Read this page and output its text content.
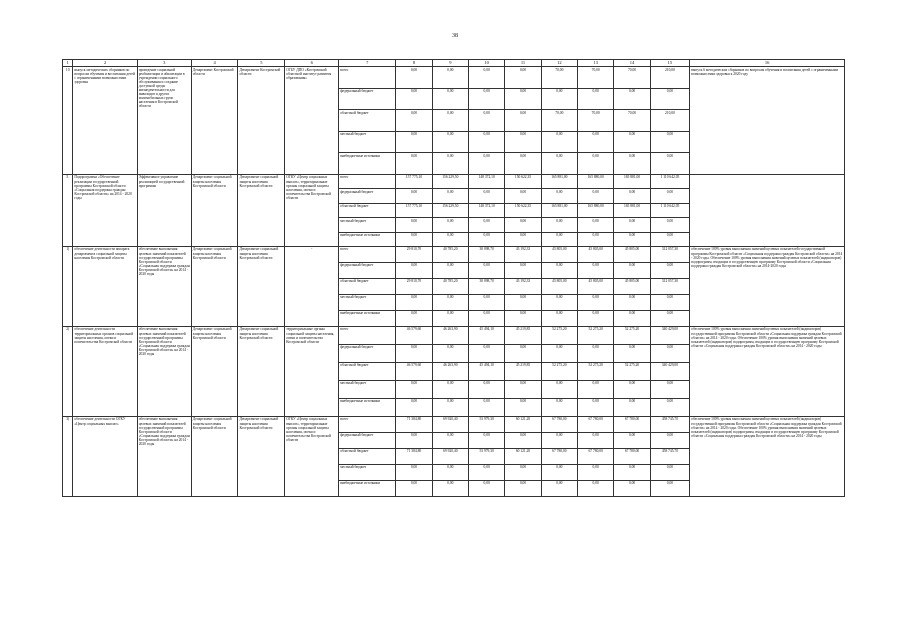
38
1	2	3	4	5	6	7	8	9	10	11	12	13	14	15	16
10	выпуск методических сборников по вопросам обучения и воспитания детей с ограниченными возможностями здоровья	проведение социальной реабилитации и абилитации в учреждении социального обслуживания и создание доступной среды жизнедеятельности для инвалидов и других маломобильных групп населения в Костромской области	Департамент Костромской области	Департамент Костромской области	ОГБУ ДПО «Костромской областной институт развития образования»	всего	0,00	0,00	0,00	0,00	70,00	70,00	70,00	210,00	выпуск 6 методических сборников по вопросам обучения и воспитания детей с ограниченными возможностями здоровья к 2020 году
						федеральный бюджет	0,00	0,00	0,00	0,00	0,00	0,00	0,00	0,00	
						областной бюджет	0,00	0,00	0,00	0,00	70,00	70,00	70,00	210,00	
						местный бюджет	0,00	0,00	0,00	0,00	0,00	0,00	0,00	0,00	
						внебюджетные источники	0,00	0,00	0,00	0,00	0,00	0,00	0,00	0,00	
5.	Подпрограмма «Обеспечение реализации государственной программы Костромской области «Социальная поддержка граждан Костромской области» на 2014 - 2020 годы	Эффективное управление реализацией государственной программы	Департамент социальной защиты населения Костромской области	Департамент социальной защиты населения Костромской области	ОГКУ «Центр социальных выплат», территориальные органы социальной защиты населения, опеки и попечительства Костромской области	всего	157 775,10	156 229,50	148 372,10	150 622,35	165 881,00	165 880,00	165 881,00	1 110 642,05	
						федеральный бюджет	0,00	0,00	0,00	0,00	0,00	0,00	0,00	0,00	
						областной бюджет	157 775,10	156 229,50	148 372,10	150 622,35	165 881,00	165 880,00	165 881,00	1 110 642,05	
						местный бюджет	0,00	0,00	0,00	0,00	0,00	0,00	0,00	0,00	
						внебюджетные источники	0,00	0,00	0,00	0,00	0,00	0,00	0,00	0,00	
1)	обеспечение деятельности аппарата департамента социальной защиты населения Костромской области	обеспечение выполнения целевых значений показателей государственной программы Костромской области «Социальная поддержка граждан Костромской области» на 2014 - 2020 годы	Департамент социальной защиты населения Костромской области	Департамент социальной защиты населения Костромской области	-	всего	29 810,70	40 785,20	30 098,70	43 192,33	45 805,00	45 805,00	45 805,00	312 057,30	обеспечение 100% уровня выполнения значений целевых показателей государственной программы Костромской области «Социальная поддержка граждан Костромской области» на 2014 - 2020 годы. Обеспечение 100% уровня выполнения значений целевых показателей (индикаторов) подпрограмм, входящих в государственную программу Костромской области «Социальная поддержка граждан Костромской области» на 2014-2020 годы
						федеральный бюджет	0,00	0,00	0,00	0,00	0,00	0,00	0,00	0,00	
						областной бюджет	29 810,70	40 785,20	30 098,70	43 192,33	45 805,00	45 805,00	45 805,00	312 057,30	
						местный бюджет	0,00	0,00	0,00	0,00	0,00	0,00	0,00	0,00	
						внебюджетные источники	0,00	0,00	0,00	0,00	0,00	0,00	0,00	0,00	
2)	обеспечение деятельности территориальных органов социальной защиты населения, опеки и попечительства Костромской области	обеспечение выполнения целевых значений показателей государственной программы Костромской области «Социальная поддержка граждан Костромской области» на 2014 - 2020 годы	Департамент социальной защиты населения Костромской области	Департамент социальной защиты населения Костромской области	территориальные органы социальной защиты населения, опеки и попечительства Костромской области	всего	46 579,60	46 263,90	45 494,10	45 219,85	52 275,20	52 275,20	52 275,20	340 429,00	обеспечение 100% уровня выполнения значений целевых показателей (индикаторов) государственной программы Костромской области «Социальная поддержка граждан Костромской области» на 2014 - 2020 годы. Обеспечение 100% уровня выполнения значений целевых показателей (индикаторов) подпрограмм, входящих в государственную программу Костромской области «Социальная поддержка граждан Костромской области» на 2014 - 2020 годы
						федеральный бюджет	0,00	0,00	0,00	0,00	0,00	0,00	0,00	0,00	
						областной бюджет	46 579,60	46 263,90	45 494,10	45 219,85	52 275,20	52 275,20	52 275,20	340 429,00	
						местный бюджет	0,00	0,00	0,00	0,00	0,00	0,00	0,00	0,00	
						внебюджетные источники	0,00	0,00	0,00	0,00	0,00	0,00	0,00	0,00	
3)	обеспечение деятельности ОГКУ «Центр социальных выплат»	обеспечение выполнения целевых значений показателей государственной программы Костромской области «Социальная поддержка граждан Костромской области» на 2014 - 2020 годы	Департамент социальной защиты населения Костромской области	Департамент социальной защиты населения Костромской области	ОГКУ «Центр социальных выплат», территориальные органы социальной защиты населения, опеки и попечительства Костромской области	всего	71 384,80	69 920,40	53 979,30	60 121,20	67 780,00	67 780,00	67 780,00	458 745,70	обеспечение 100% уровня выполнения значений целевых показателей (индикаторов) государственной программы Костромской области «Социальная поддержка граждан Костромской области» на 2014 - 2020 годы. Обеспечение 100% уровня выполнения значений целевых показателей (индикаторов) подпрограмм, входящих в государственную программу Костромской области «Социальная поддержка граждан Костромской области» на 2014 - 2020 годы
						федеральный бюджет	0,00	0,00	0,00	0,00	0,00	0,00	0,00	0,00	
						областной бюджет	71 384,80	69 920,40	53 979,30	60 121,20	67 780,00	67 780,00	67 780,00	458 745,70	
						местный бюджет	0,00	0,00	0,00	0,00	0,00	0,00	0,00	0,00	
						внебюджетные источники	0,00	0,00	0,00	0,00	0,00	0,00	0,00	0,00	
